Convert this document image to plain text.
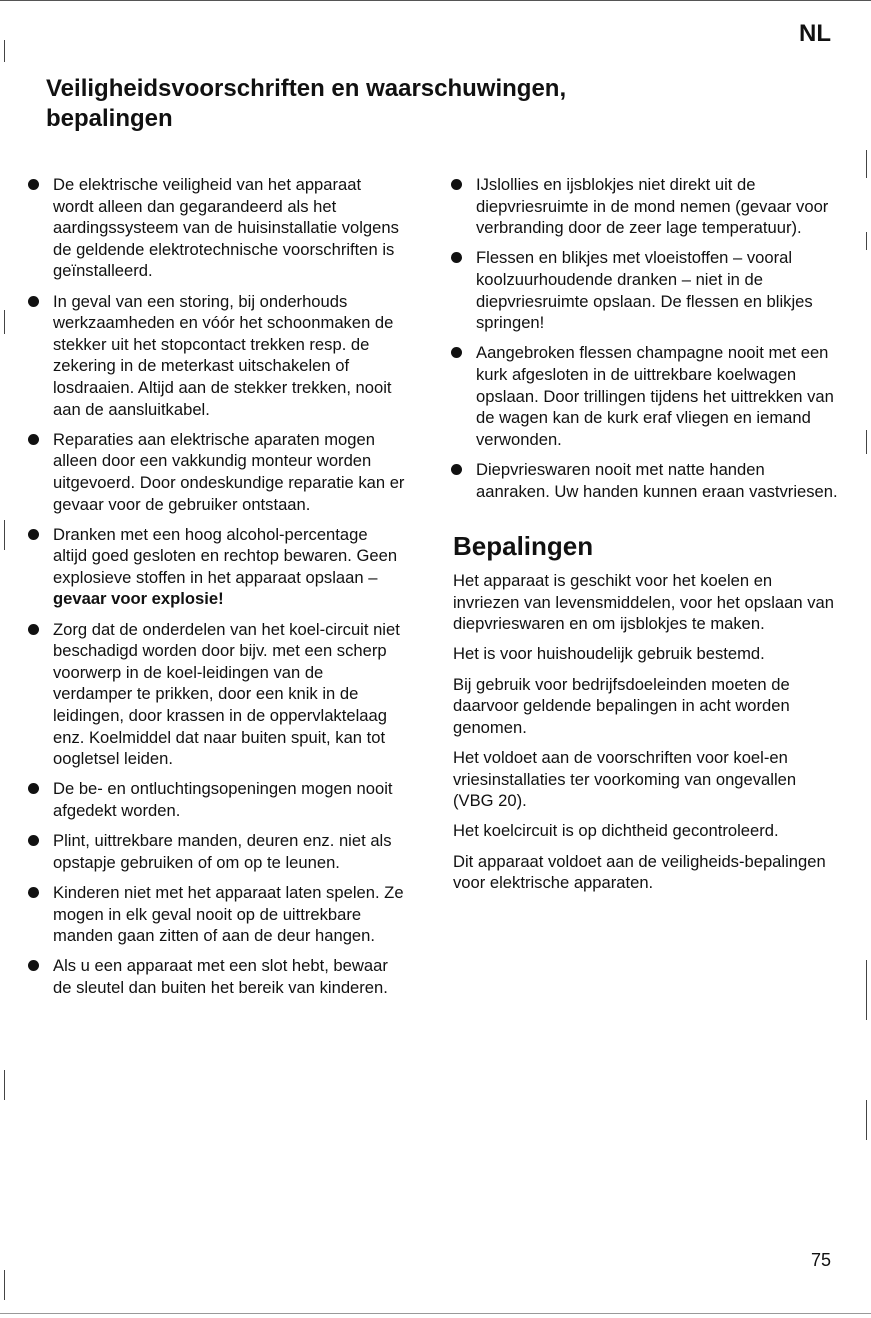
NL
Veiligheidsvoorschriften en waarschuwingen,
bepalingen
De elektrische veiligheid van het apparaat wordt alleen dan gegarandeerd als het aardingssysteem van de huisinstallatie volgens de geldende elektrotechnische voorschriften is geïnstalleerd.
In geval van een storing, bij onderhouds werkzaamheden en vóór het schoonmaken de stekker uit het stopcontact trekken resp. de zekering in de meterkast uitschakelen of losdraaien. Altijd aan de stekker trekken, nooit aan de aansluitkabel.
Reparaties aan elektrische aparaten mogen alleen door een vakkundig monteur worden uitgevoerd. Door ondeskundige reparatie kan er gevaar voor de gebruiker ontstaan.
Dranken met een hoog alcohol-percentage altijd goed gesloten en rechtop bewaren. Geen explosieve stoffen in het apparaat opslaan – gevaar voor explosie!
Zorg dat de onderdelen van het koel-circuit niet beschadigd worden door bijv. met een scherp voorwerp in de koel-leidingen van de verdamper te prikken, door een knik in de leidingen, door krassen in de oppervlaktelaag enz. Koelmiddel dat naar buiten spuit, kan tot oogletsel leiden.
De be- en ontluchtingsopeningen mogen nooit afgedekt worden.
Plint, uittrekbare manden, deuren enz. niet als opstapje gebruiken of om op te leunen.
Kinderen niet met het apparaat laten spelen. Ze mogen in elk geval nooit op de uittrekbare manden gaan zitten of aan de deur hangen.
Als u een apparaat met een slot hebt, bewaar de sleutel dan buiten het bereik van kinderen.
IJslollies en ijsblokjes niet direkt uit de diepvriesruimte in de mond nemen (gevaar voor verbranding door de zeer lage temperatuur).
Flessen en blikjes met vloeistoffen – vooral koolzuurhoudende dranken – niet in de diepvriesruimte opslaan. De flessen en blikjes springen!
Aangebroken flessen champagne nooit met een kurk afgesloten in de uittrekbare koelwagen opslaan. Door trillingen tijdens het uittrekken van de wagen kan de kurk eraf vliegen en iemand verwonden.
Diepvrieswaren nooit met natte handen aanraken. Uw handen kunnen eraan vastvriesen.
Bepalingen

Het apparaat is geschikt voor het koelen en invriezen van levensmiddelen, voor het opslaan van diepvrieswaren en om ijsblokjes te maken.

Het is voor huishoudelijk gebruik bestemd.

Bij gebruik voor bedrijfsdoeleinden moeten de daarvoor geldende bepalingen in acht worden genomen.

Het voldoet aan de voorschriften voor koel-en vriesinstallaties ter voorkoming van ongevallen (VBG 20).

Het koelcircuit is op dichtheid gecontroleerd.

Dit apparaat voldoet aan de veiligheids-bepalingen voor elektrische apparaten.

75
